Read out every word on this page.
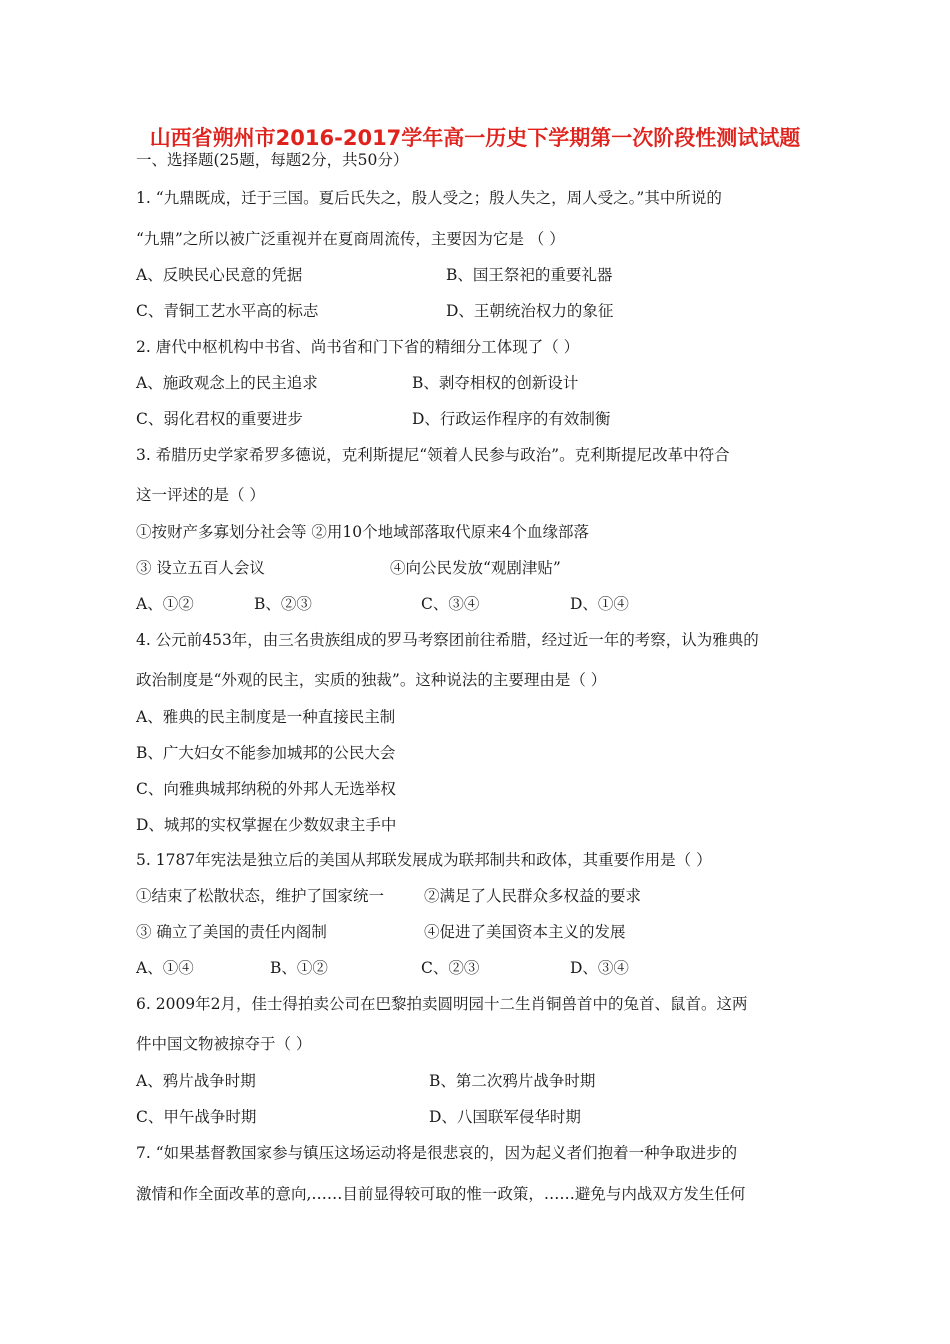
山西省朔州市2016-2017学年高一历史下学期第一次阶段性测试试题
一、选择题(25题，每题2分，共50分）
1. “九鼎既成，迁于三国。夏后氏失之，殷人受之；殷人失之，周人受之。”其中所说的
“九鼎”之所以被广泛重视并在夏商周流传，主要因为它是 （ ）
A、反映民心民意的凭据	B、国王祭祀的重要礼器
C、青铜工艺水平高的标志	D、王朝统治权力的象征
2. 唐代中枢机构中书省、尚书省和门下省的精细分工体现了（ ）
A、施政观念上的民主追求	B、剥夺相权的创新设计
C、弱化君权的重要进步	D、行政运作程序的有效制衡
3. 希腊历史学家希罗多德说，克利斯提尼“领着人民参与政治”。克利斯提尼改革中符合
这一评述的是（ ）
①按财产多寡划分社会等 ②用10个地域部落取代原来4个血缘部落
③ 设立五百人会议	④向公民发放“观剧津贴”
A、①②	B、②③	C、③④	D、①④
4. 公元前453年，由三名贵族组成的罗马考察团前往希腊，经过近一年的考察，认为雅典的
政治制度是“外观的民主，实质的独裁”。这种说法的主要理由是（ ）
A、雅典的民主制度是一种直接民主制
B、广大妇女不能参加城邦的公民大会
C、向雅典城邦纳税的外邦人无选举权
D、城邦的实权掌握在少数奴隶主手中
5. 1787年宪法是独立后的美国从邦联发展成为联邦制共和政体，其重要作用是（ ）
①结束了松散状态，维护了国家统一	②满足了人民群众多权益的要求
③ 确立了美国的责任内阁制	④促进了美国资本主义的发展
A、①④	B、①②	C、②③	D、③④
6. 2009年2月，佳士得拍卖公司在巴黎拍卖圆明园十二生肖铜兽首中的兔首、鼠首。这两
件中国文物被掠夺于（ ）
A、鸦片战争时期	B、第二次鸦片战争时期
C、甲午战争时期	D、八国联军侵华时期
7. “如果基督教国家参与镇压这场运动将是很悲哀的，因为起义者们抱着一种争取进步的
激情和作全面改革的意向,……目前显得较可取的惟一政策，……避免与内战双方发生任何
